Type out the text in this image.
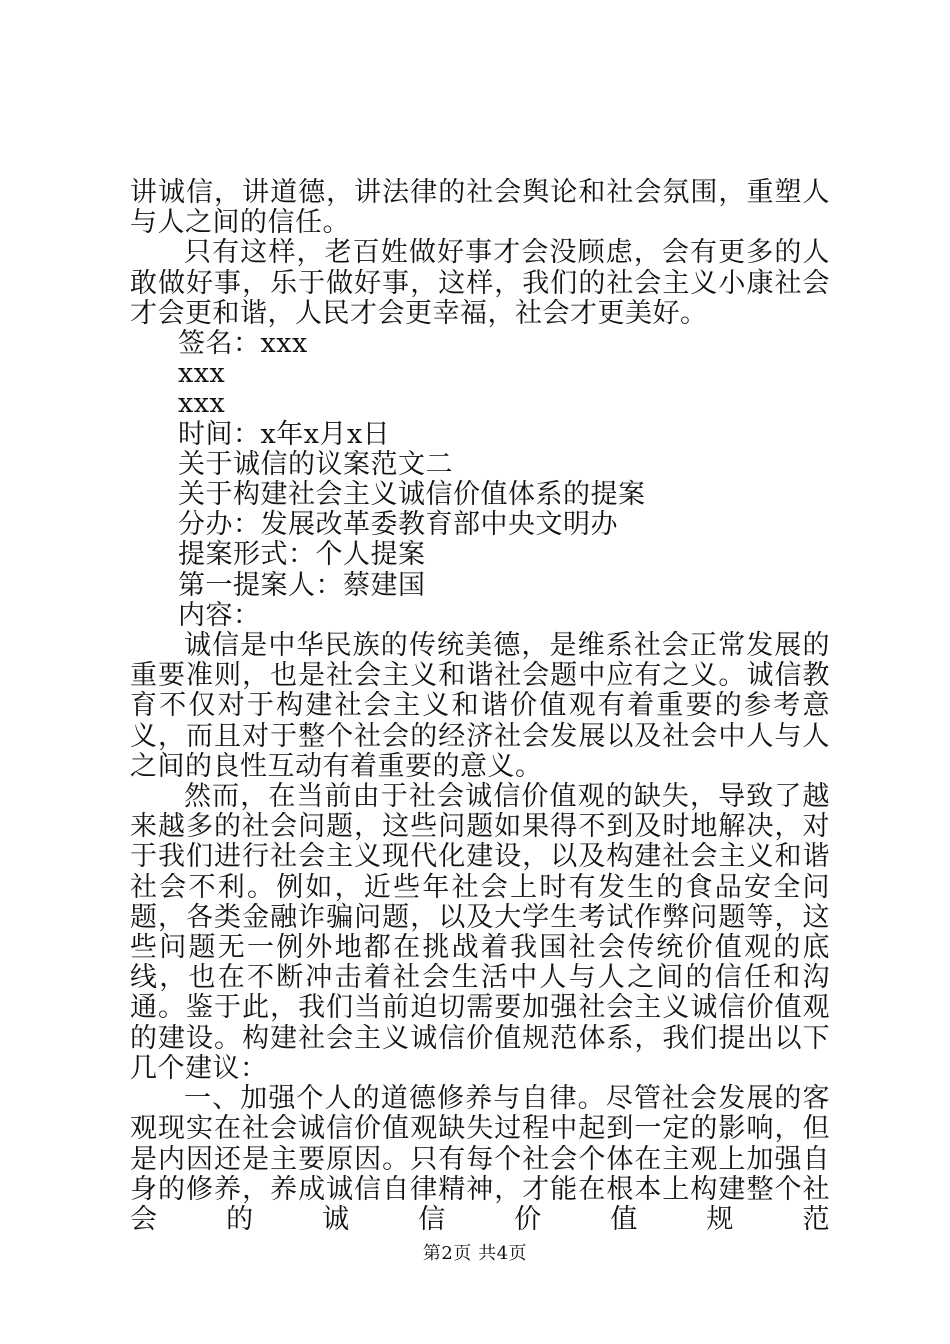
讲诚信，讲道德，讲法律的社会舆论和社会氛围，重塑人与人之间的信任。

只有这样，老百姓做好事才会没顾虑，会有更多的人敢做好事，乐于做好事，这样，我们的社会主义小康社会才会更和谐，人民才会更幸福，社会才更美好。

签名：xxx

xxx

xxx

时间：x年x月x日

关于诚信的议案范文二

关于构建社会主义诚信价值体系的提案

分办：发展改革委教育部中央文明办

提案形式：个人提案

第一提案人：蔡建国

内容：

诚信是中华民族的传统美德，是维系社会正常发展的重要准则，也是社会主义和谐社会题中应有之义。诚信教育不仅对于构建社会主义和谐价值观有着重要的参考意义，而且对于整个社会的经济社会发展以及社会中人与人之间的良性互动有着重要的意义。

然而，在当前由于社会诚信价值观的缺失，导致了越来越多的社会问题，这些问题如果得不到及时地解决，对于我们进行社会主义现代化建设，以及构建社会主义和谐社会不利。例如，近些年社会上时有发生的食品安全问题，各类金融诈骗问题，以及大学生考试作弊问题等，这些问题无一例外地都在挑战着我国社会传统价值观的底线，也在不断冲击着社会生活中人与人之间的信任和沟通。鉴于此，我们当前迫切需要加强社会主义诚信价值观的建设。构建社会主义诚信价值规范体系，我们提出以下几个建议：

一、加强个人的道德修养与自律。尽管社会发展的客观现实在社会诚信价值观缺失过程中起到一定的影响，但是内因还是主要原因。只有每个社会个体在主观上加强自身的修养，养成诚信自律精神，才能在根本上构建整个社会的诚信价值规范

第2页 共4页
